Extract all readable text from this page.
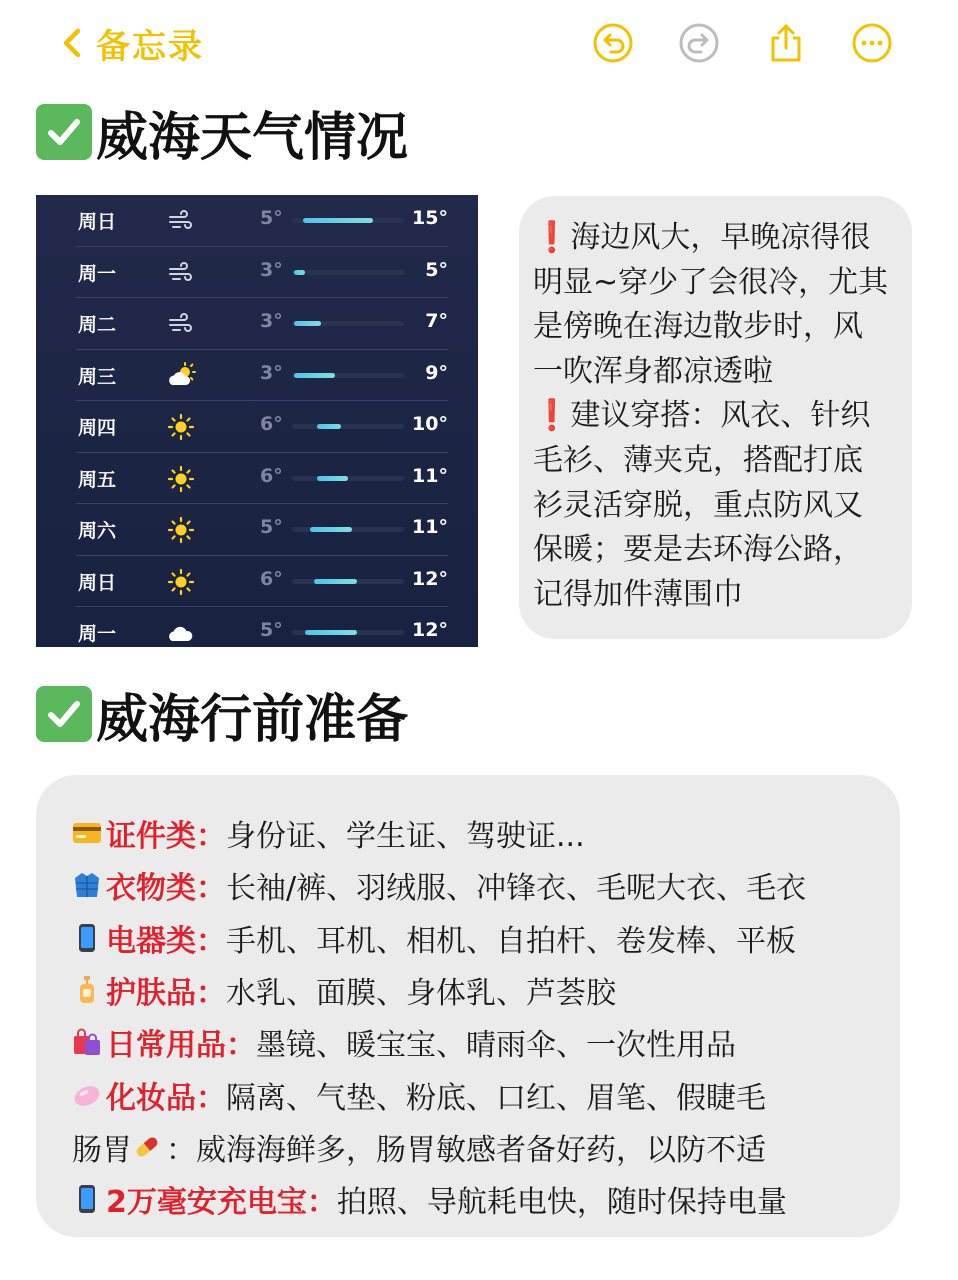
备忘录
威海天气情况
周日	5°	15°
周一	3°	5°
周二	3°	7°
周三	3°	9°
周四	6°	10°
周五	6°	11°
周六	5°	11°
周日	6°	12°
周一	5°	12°
❗海边风大，早晚凉得很
明显~穿少了会很冷，尤其
是傍晚在海边散步时，风
一吹浑身都凉透啦
❗建议穿搭：风衣、针织
毛衫、薄夹克，搭配打底
衫灵活穿脱，重点防风又
保暖；要是去环海公路，
记得加件薄围巾
威海行前准备
证件类： 身份证、学生证、驾驶证...
衣物类： 长袖/裤、羽绒服、冲锋衣、毛呢大衣、毛衣
电器类： 手机、耳机、相机、自拍杆、卷发棒、平板
护肤品： 水乳、面膜、身体乳、芦荟胶
日常用品： 墨镜、暖宝宝、晴雨伞、一次性用品
化妆品： 隔离、气垫、粉底、口红、眉笔、假睫毛
肠胃 ：威海海鲜多，肠胃敏感者备好药，以防不适
2万毫安充电宝： 拍照、导航耗电快，随时保持电量
